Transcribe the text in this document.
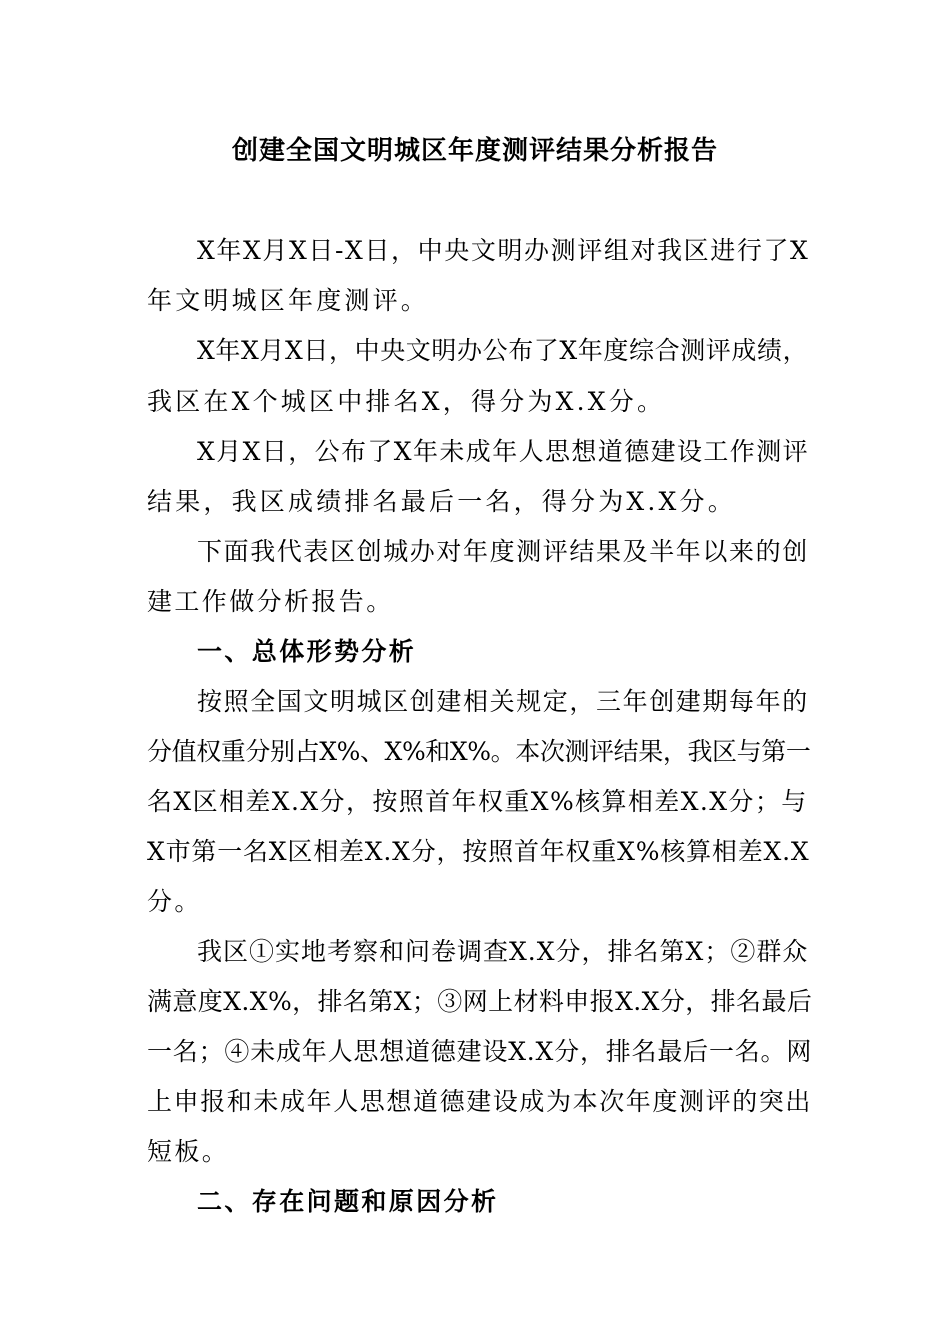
创建全国文明城区年度测评结果分析报告
X年X月X日-X日，中央文明办测评组对我区进行了X
年文明城区年度测评。
X年X月X日，中央文明办公布了X年度综合测评成绩，
我区在X个城区中排名X，得分为X.X分。
X月X日，公布了X年未成年人思想道德建设工作测评
结果，我区成绩排名最后一名，得分为X.X分。
下面我代表区创城办对年度测评结果及半年以来的创
建工作做分析报告。
一、总体形势分析
按照全国文明城区创建相关规定，三年创建期每年的
分值权重分别占X%、X%和X%。本次测评结果，我区与第一
名X区相差X.X分，按照首年权重X%核算相差X.X分；与
X市第一名X区相差X.X分，按照首年权重X%核算相差X.X
分。
我区①实地考察和问卷调查X.X分，排名第X；②群众
满意度X.X%，排名第X；③网上材料申报X.X分，排名最后
一名；④未成年人思想道德建设X.X分，排名最后一名。网
上申报和未成年人思想道德建设成为本次年度测评的突出
短板。
二、存在问题和原因分析
